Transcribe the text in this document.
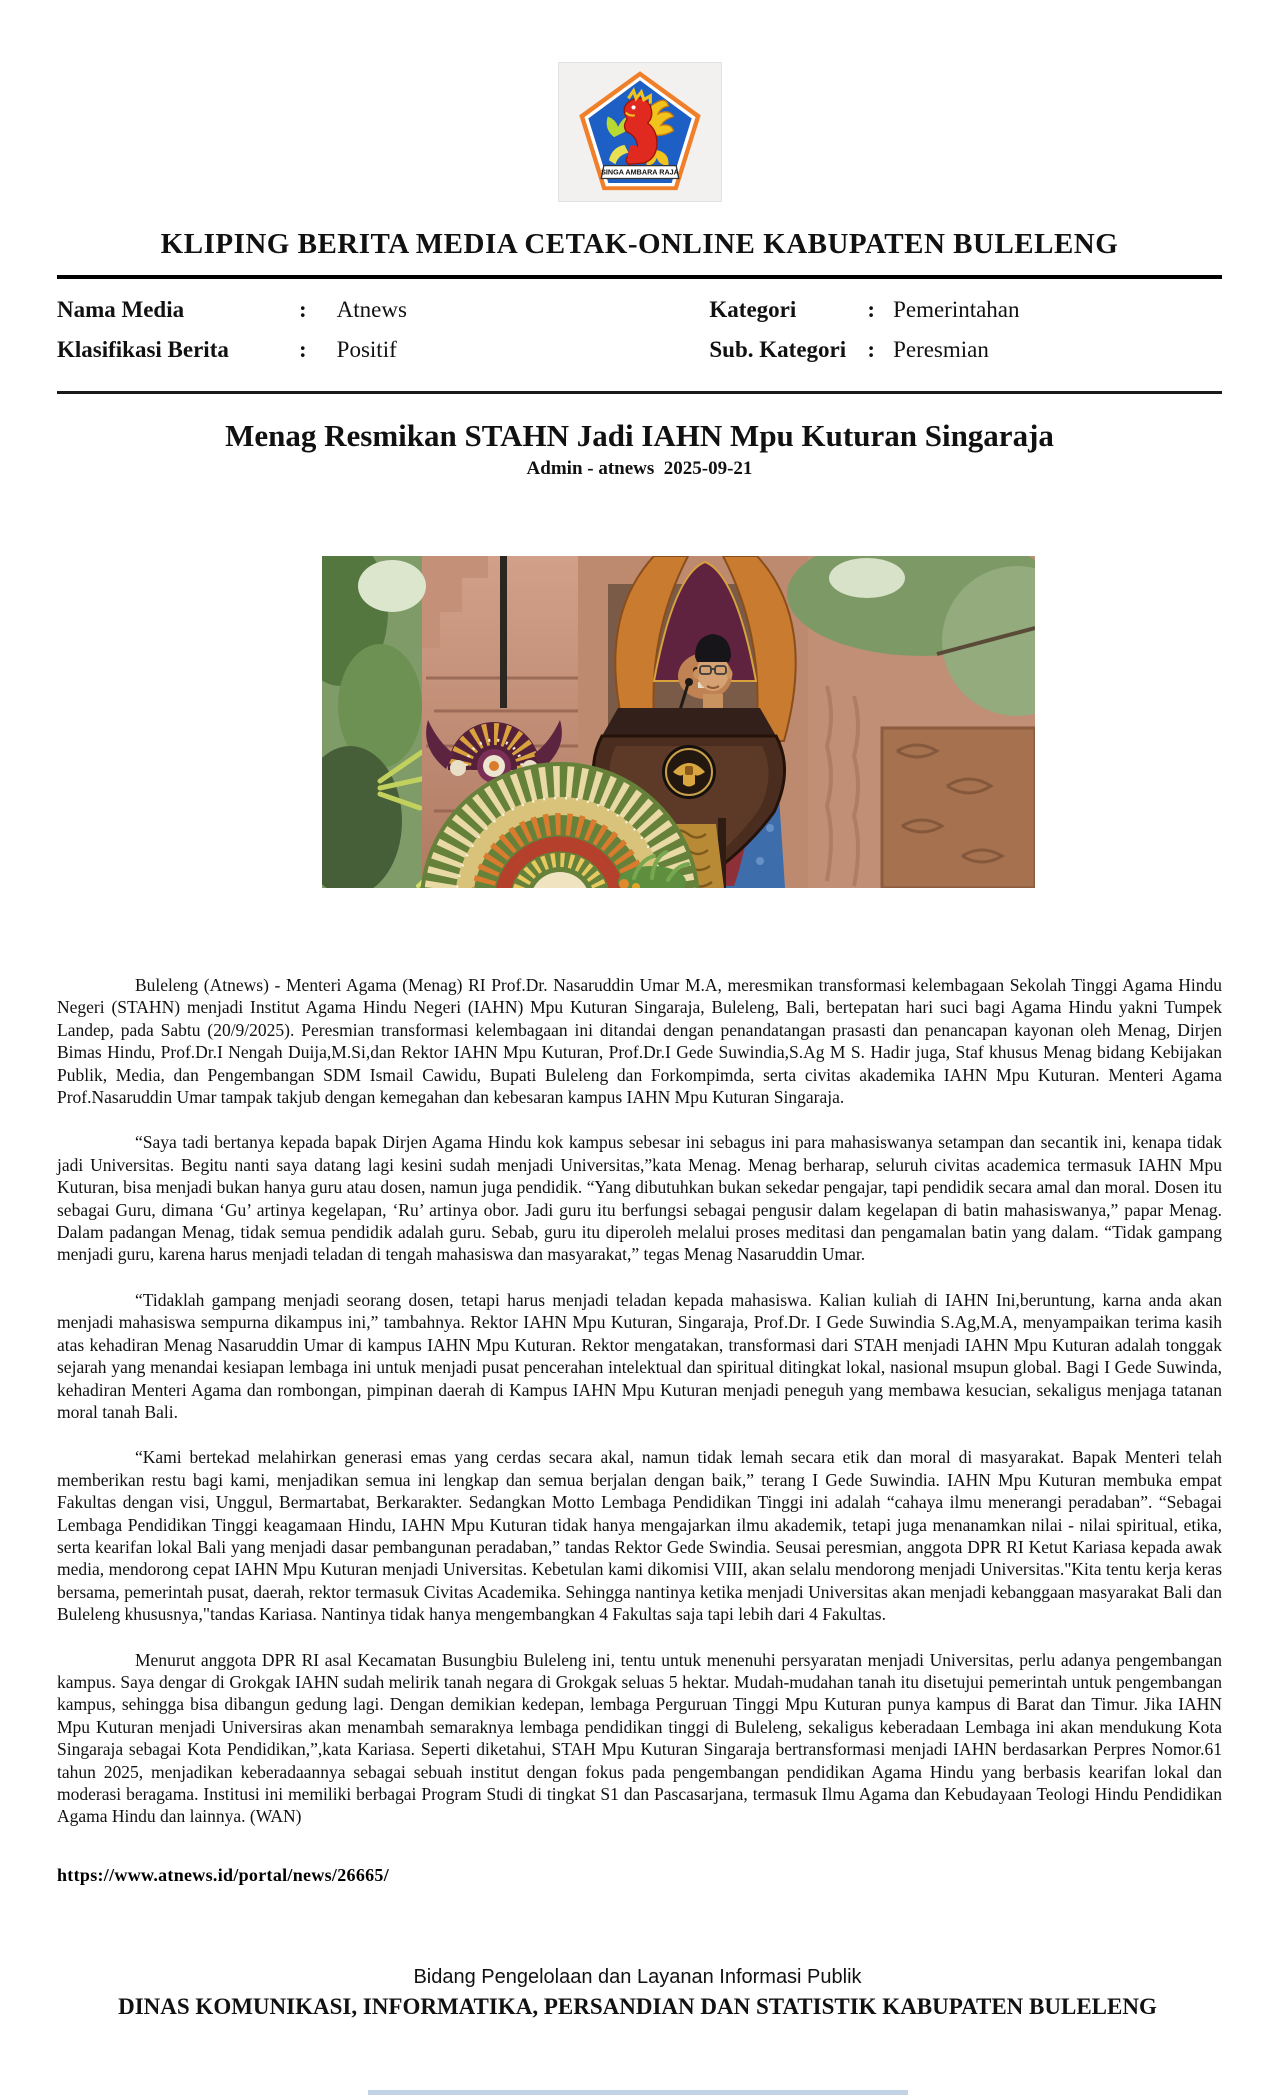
SINGA AMBARA RAJA
KLIPING BERITA MEDIA CETAK-ONLINE KABUPATEN BULELENG
Nama Media	: Atnews	Kategori	: Pemerintahan
Klasifikasi Berita	: Positif	Sub. Kategori : Peresmian
Menag Resmikan STAHN Jadi IAHN Mpu Kuturan Singaraja
Admin - atnews  2025-09-21

Buleleng (Atnews) - Menteri Agama (Menag) RI Prof.Dr. Nasaruddin Umar M.A, meresmikan transformasi kelembagaan Sekolah Tinggi Agama Hindu Negeri (STAHN) menjadi Institut Agama Hindu Negeri (IAHN) Mpu Kuturan Singaraja, Buleleng, Bali, bertepatan hari suci bagi Agama Hindu yakni Tumpek Landep, pada Sabtu (20/9/2025). Peresmian transformasi kelembagaan ini ditandai dengan penandatangan prasasti dan penancapan kayonan oleh Menag, Dirjen Bimas Hindu, Prof.Dr.I Nengah Duija,M.Si,dan Rektor IAHN Mpu Kuturan, Prof.Dr.I Gede Suwindia,S.Ag M S. Hadir juga, Staf khusus Menag bidang Kebijakan Publik, Media, dan Pengembangan SDM Ismail Cawidu, Bupati Buleleng dan Forkompimda, serta civitas akademika IAHN Mpu Kuturan. Menteri Agama Prof.Nasaruddin Umar tampak takjub dengan kemegahan dan kebesaran kampus IAHN Mpu Kuturan Singaraja.

“Saya tadi bertanya kepada bapak Dirjen Agama Hindu kok kampus sebesar ini sebagus ini para mahasiswanya setampan dan secantik ini, kenapa tidak jadi Universitas. Begitu nanti saya datang lagi kesini sudah menjadi Universitas,”kata Menag. Menag berharap, seluruh civitas academica termasuk IAHN Mpu Kuturan, bisa menjadi bukan hanya guru atau dosen, namun juga pendidik. “Yang dibutuhkan bukan sekedar pengajar, tapi pendidik secara amal dan moral. Dosen itu sebagai Guru, dimana ‘Gu’ artinya kegelapan, ‘Ru’ artinya obor. Jadi guru itu berfungsi sebagai pengusir dalam kegelapan di batin mahasiswanya,” papar Menag. Dalam padangan Menag, tidak semua pendidik adalah guru. Sebab, guru itu diperoleh melalui proses meditasi dan pengamalan batin yang dalam. “Tidak gampang menjadi guru, karena harus menjadi teladan di tengah mahasiswa dan masyarakat,” tegas Menag Nasaruddin Umar.

“Tidaklah gampang menjadi seorang dosen, tetapi harus menjadi teladan kepada mahasiswa. Kalian kuliah di IAHN Ini,beruntung, karna anda akan menjadi mahasiswa sempurna dikampus ini,” tambahnya. Rektor IAHN Mpu Kuturan, Singaraja, Prof.Dr. I Gede Suwindia S.Ag,M.A, menyampaikan terima kasih atas kehadiran Menag Nasaruddin Umar di kampus IAHN Mpu Kuturan. Rektor mengatakan, transformasi dari STAH menjadi IAHN Mpu Kuturan adalah tonggak sejarah yang menandai kesiapan lembaga ini untuk menjadi pusat pencerahan intelektual dan spiritual ditingkat lokal, nasional msupun global. Bagi I Gede Suwinda, kehadiran Menteri Agama dan rombongan, pimpinan daerah di Kampus IAHN Mpu Kuturan menjadi peneguh yang membawa kesucian, sekaligus menjaga tatanan moral tanah Bali.

“Kami bertekad melahirkan generasi emas yang cerdas secara akal, namun tidak lemah secara etik dan moral di masyarakat. Bapak Menteri telah memberikan restu bagi kami, menjadikan semua ini lengkap dan semua berjalan dengan baik,” terang I Gede Suwindia. IAHN Mpu Kuturan membuka empat Fakultas dengan visi, Unggul, Bermartabat, Berkarakter. Sedangkan Motto Lembaga Pendidikan Tinggi ini adalah “cahaya ilmu menerangi peradaban”. “Sebagai Lembaga Pendidikan Tinggi keagamaan Hindu, IAHN Mpu Kuturan tidak hanya mengajarkan ilmu akademik, tetapi juga menanamkan nilai - nilai spiritual, etika, serta kearifan lokal Bali yang menjadi dasar pembangunan peradaban,” tandas Rektor Gede Swindia. Seusai peresmian, anggota DPR RI Ketut Kariasa kepada awak media, mendorong cepat IAHN Mpu Kuturan menjadi Universitas. Kebetulan kami dikomisi VIII, akan selalu mendorong menjadi Universitas."Kita tentu kerja keras bersama, pemerintah pusat, daerah, rektor termasuk Civitas Academika. Sehingga nantinya ketika menjadi Universitas akan menjadi kebanggaan masyarakat Bali dan Buleleng khususnya,"tandas Kariasa. Nantinya tidak hanya mengembangkan 4 Fakultas saja tapi lebih dari 4 Fakultas.

Menurut anggota DPR RI asal Kecamatan Busungbiu Buleleng ini, tentu untuk menenuhi persyaratan menjadi Universitas, perlu adanya pengembangan kampus. Saya dengar di Grokgak IAHN sudah melirik tanah negara di Grokgak seluas 5 hektar. Mudah-mudahan tanah itu disetujui pemerintah untuk pengembangan kampus, sehingga bisa dibangun gedung lagi. Dengan demikian kedepan, lembaga Perguruan Tinggi Mpu Kuturan punya kampus di Barat dan Timur. Jika IAHN Mpu Kuturan menjadi Universiras akan menambah semaraknya lembaga pendidikan tinggi di Buleleng, sekaligus keberadaan Lembaga ini akan mendukung Kota Singaraja sebagai Kota Pendidikan,”,kata Kariasa. Seperti diketahui, STAH Mpu Kuturan Singaraja bertransformasi menjadi IAHN berdasarkan Perpres Nomor.61 tahun 2025, menjadikan keberadaannya sebagai sebuah institut dengan fokus pada pengembangan pendidikan Agama Hindu yang berbasis kearifan lokal dan moderasi beragama. Institusi ini memiliki berbagai Program Studi di tingkat S1 dan Pascasarjana, termasuk Ilmu Agama dan Kebudayaan Teologi Hindu Pendidikan Agama Hindu dan lainnya. (WAN)

https://www.atnews.id/portal/news/26665/
Bidang Pengelolaan dan Layanan Informasi Publik
DINAS KOMUNIKASI, INFORMATIKA, PERSANDIAN DAN STATISTIK KABUPATEN BULELENG
